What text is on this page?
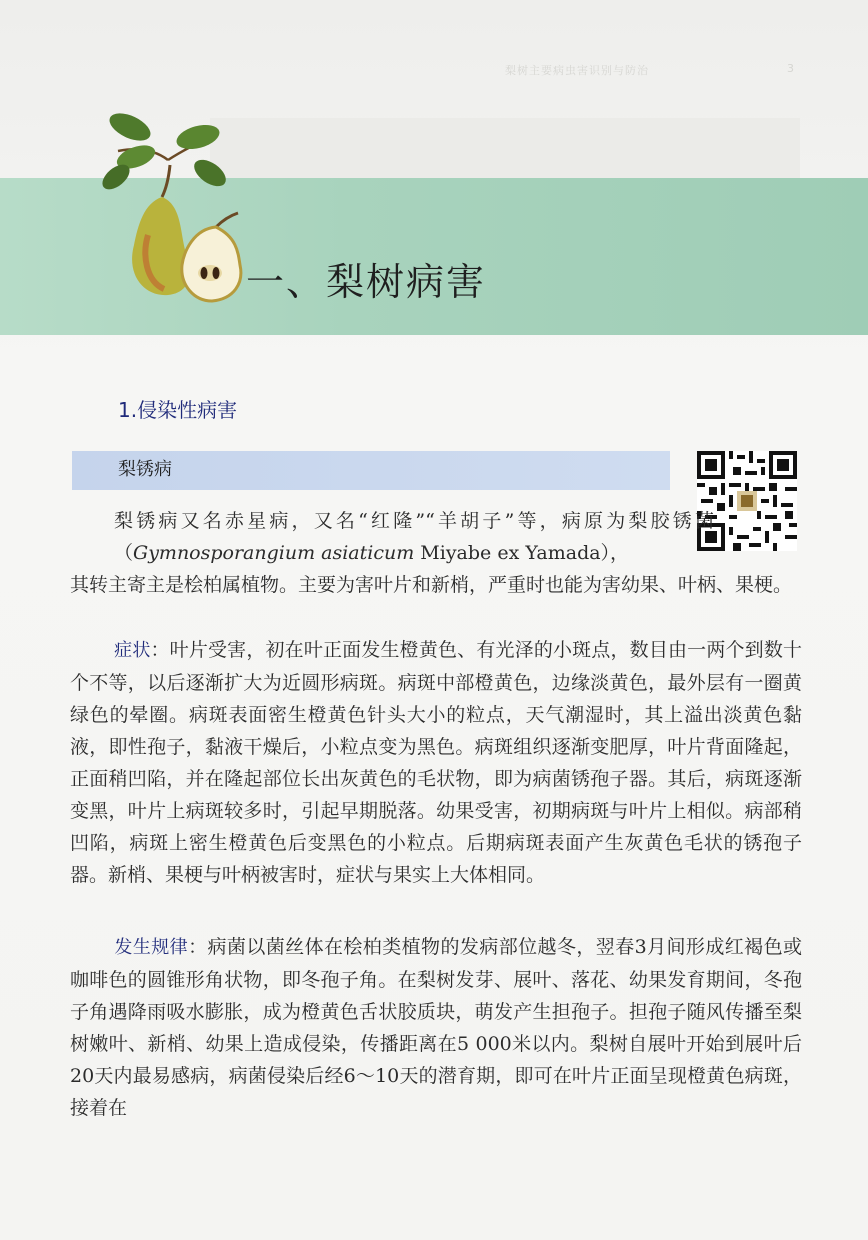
梨树主要病虫害识别与防治	3
一、梨树病害
1.侵染性病害
梨锈病
梨锈病又名赤星病，又名“红隆”“羊胡子”等，病原为梨胶锈菌（Gymnosporangium asiaticum Miyabe ex Yamada），
其转主寄主是桧柏属植物。主要为害叶片和新梢，严重时也能为害幼果、叶柄、果梗。
症状：叶片受害，初在叶正面发生橙黄色、有光泽的小斑点，数目由一两个到数十个不等，以后逐渐扩大为近圆形病斑。病斑中部橙黄色，边缘淡黄色，最外层有一圈黄绿色的晕圈。病斑表面密生橙黄色针头大小的粒点，天气潮湿时，其上溢出淡黄色黏液，即性孢子，黏液干燥后，小粒点变为黑色。病斑组织逐渐变肥厚，叶片背面隆起，正面稍凹陷，并在隆起部位长出灰黄色的毛状物，即为病菌锈孢子器。其后，病斑逐渐变黑，叶片上病斑较多时，引起早期脱落。幼果受害，初期病斑与叶片上相似。病部稍凹陷，病斑上密生橙黄色后变黑色的小粒点。后期病斑表面产生灰黄色毛状的锈孢子器。新梢、果梗与叶柄被害时，症状与果实上大体相同。
发生规律：病菌以菌丝体在桧柏类植物的发病部位越冬，翌春3月间形成红褐色或咖啡色的圆锥形角状物，即冬孢子角。在梨树发芽、展叶、落花、幼果发育期间，冬孢子角遇降雨吸水膨胀，成为橙黄色舌状胶质块，萌发产生担孢子。担孢子随风传播至梨树嫩叶、新梢、幼果上造成侵染，传播距离在5 000米以内。梨树自展叶开始到展叶后20天内最易感病，病菌侵染后经6～10天的潜育期，即可在叶片正面呈现橙黄色病斑，接着在
